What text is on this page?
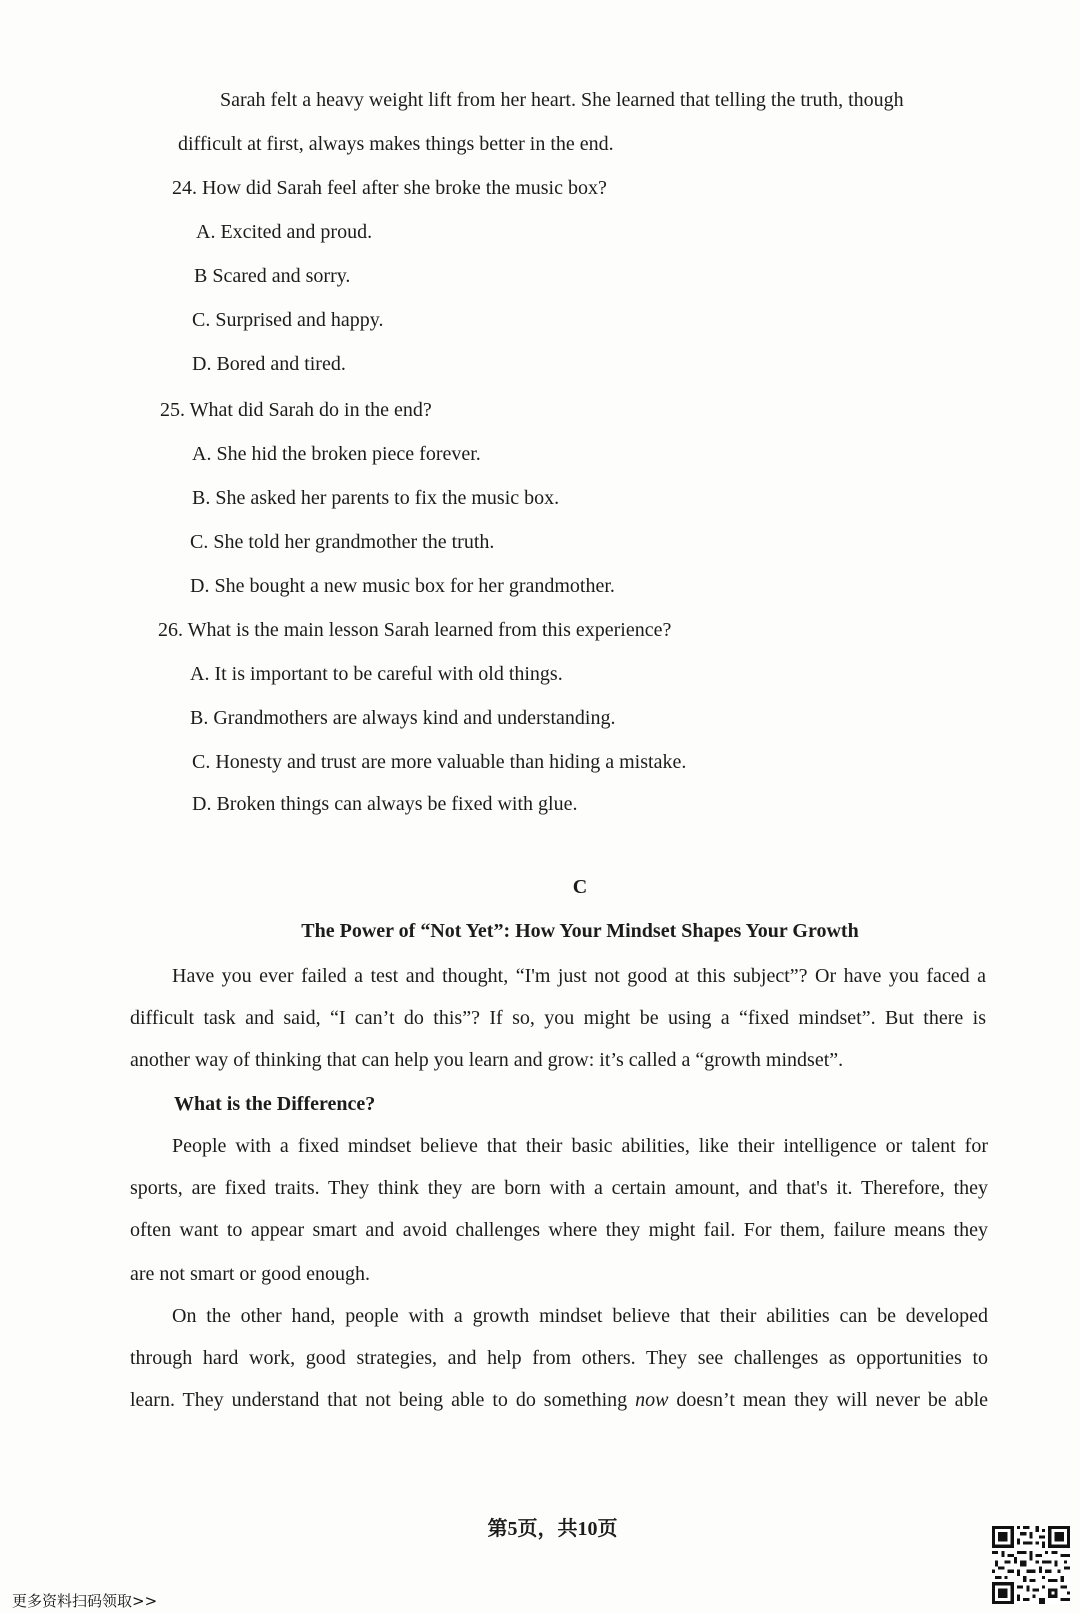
Sarah felt a heavy weight lift from her heart. She learned that telling the truth, though
difficult at first, always makes things better in the end.
24. How did Sarah feel after she broke the music box?
A. Excited and proud.
B Scared and sorry.
C. Surprised and happy.
D. Bored and tired.
25. What did Sarah do in the end?
A. She hid the broken piece forever.
B. She asked her parents to fix the music box.
C. She told her grandmother the truth.
D. She bought a new music box for her grandmother.
26. What is the main lesson Sarah learned from this experience?
A. It is important to be careful with old things.
B. Grandmothers are always kind and understanding.
C. Honesty and trust are more valuable than hiding a mistake.
D. Broken things can always be fixed with glue.
C
The Power of “Not Yet”: How Your Mindset Shapes Your Growth
Have you ever failed a test and thought, “I'm just not good at this subject”? Or have you faced a
difficult task and said, “I can’t do this”? If so, you might be using a “fixed mindset”. But there is
another way of thinking that can help you learn and grow: it’s called a “growth mindset”.
What is the Difference?
People with a fixed mindset believe that their basic abilities, like their intelligence or talent for
sports, are fixed traits. They think they are born with a certain amount, and that's it. Therefore, they
often want to appear smart and avoid challenges where they might fail. For them, failure means they
are not smart or good enough.
On the other hand, people with a growth mindset believe that their abilities can be developed
through hard work, good strategies, and help from others. They see challenges as opportunities to
learn. They understand that not being able to do something now doesn’t mean they will never be able
第5页，共10页
更多资料扫码领取>>
